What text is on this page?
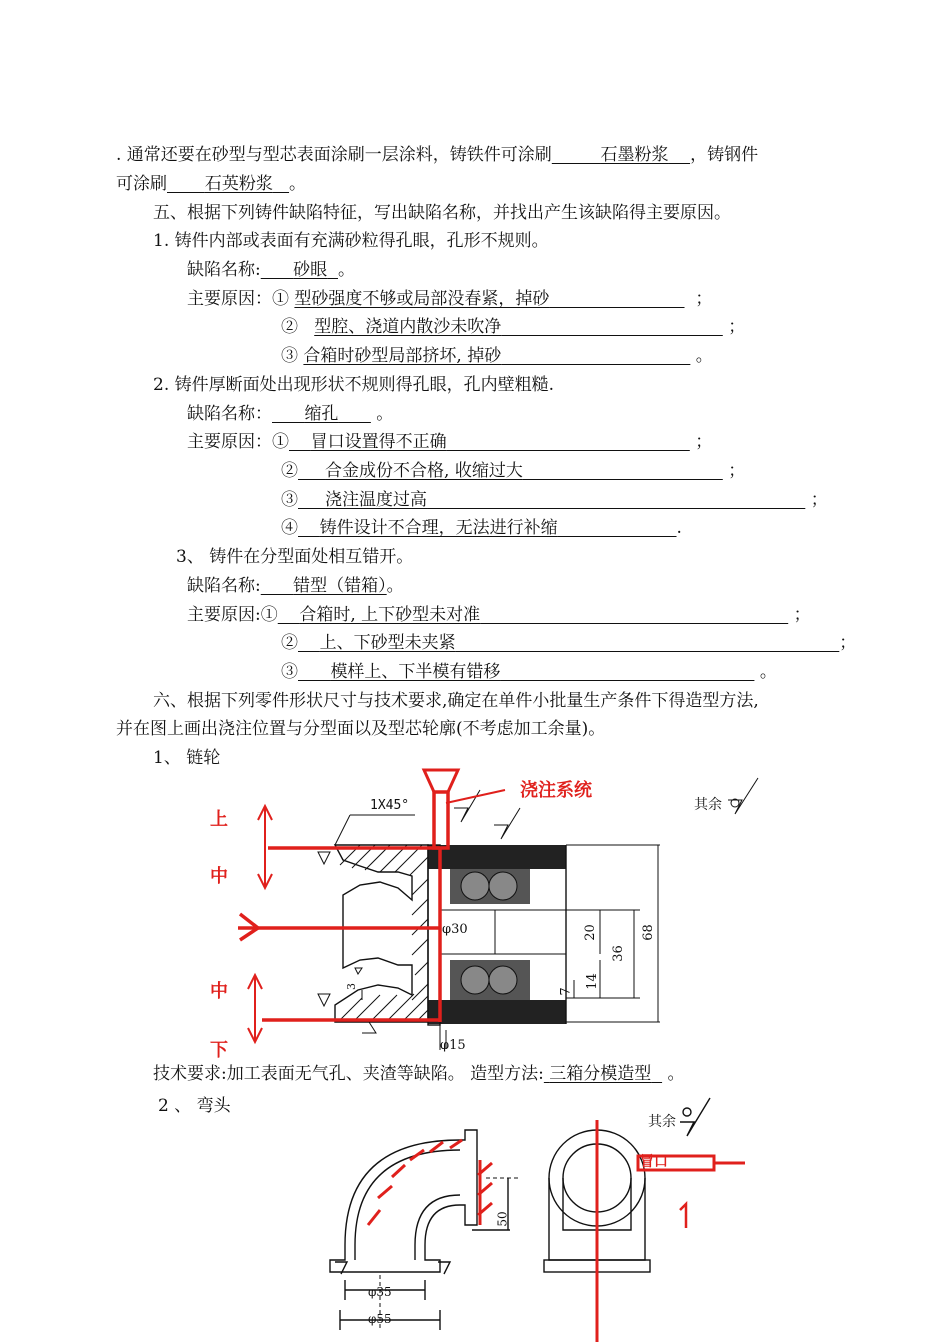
. 通常还要在砂型与型芯表面涂刷一层涂料，铸铁件可涂刷	石墨粉浆 ，铸钢件
可涂刷 石英粉浆 。
五、根据下列铸件缺陷特征，写出缺陷名称，并找出产生该缺陷得主要原因。
1. 铸件内部或表面有充满砂粒得孔眼，孔形不规则。
缺陷名称: 砂眼 。
主要原因：① 型砂强度不够或局部没春紧，掉砂	；
② 型腔、浇道内散沙未吹净	；
③ 合箱时砂型局部挤坏, 掉砂	。
2. 铸件厚断面处出现形状不规则得孔眼，孔内壁粗糙.
缺陷名称： 缩孔 。
主要原因：① 冒口设置得不正确	；
② 合金成份不合格, 收缩过大	；
③ 浇注温度过高	；
④ 铸件设计不合理，无法进行补缩	.
3、 铸件在分型面处相互错开。
缺陷名称: 错型（错箱）。
主要原因:① 合箱时, 上下砂型未对准	；
② 上、下砂型未夹紧	；
③ 模样上、下半模有错移	。
六、根据下列零件形状尺寸与技术要求,确定在单件小批量生产条件下得造型方法,
并在图上画出浇注位置与分型面以及型芯轮廓(不考虑加工余量)。
1、 链轮
技术要求:加工表面无气孔、夹渣等缺陷。 造型方法: 三箱分模造型 。
2 、 弯头
浇注系统
上
中
中
下
1X45°	其余
φ30
φ15
20
36
68
14
7
3
其余
冒口
50
φ35
φ55
